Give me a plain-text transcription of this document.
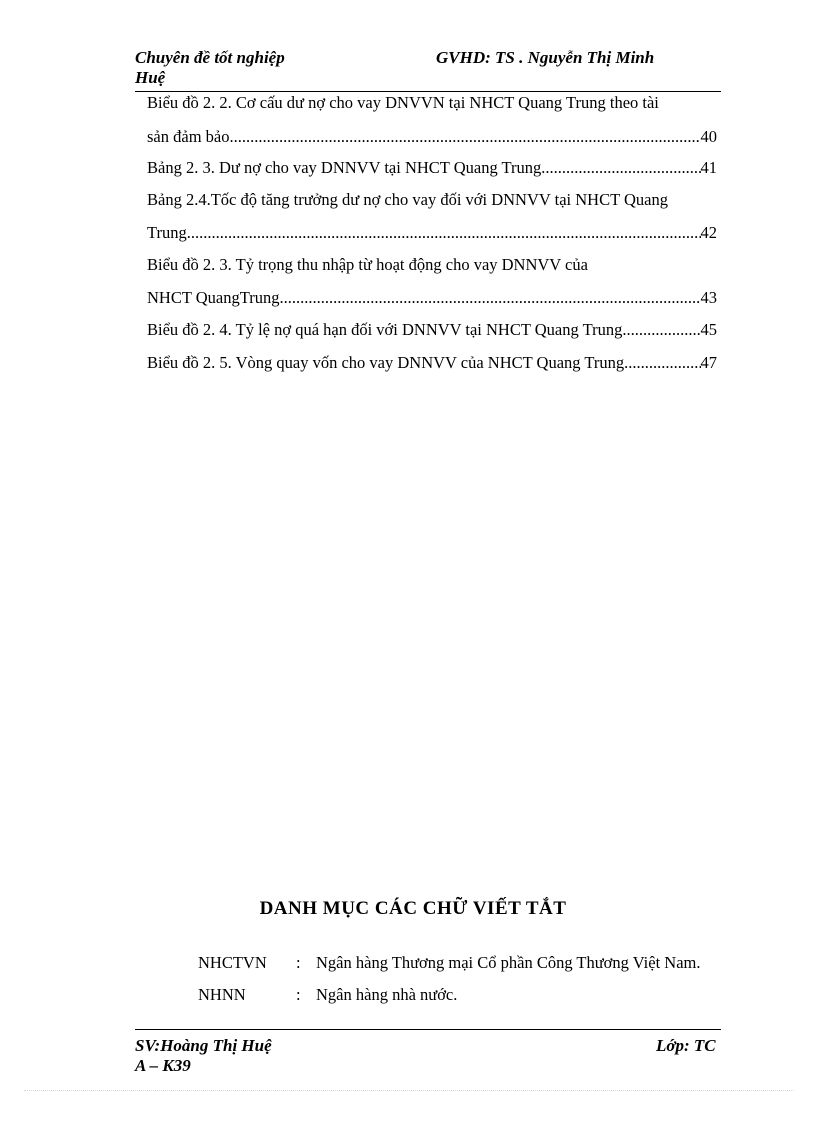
Chuyên đề tốt nghiệp
Huệ
GVHD: TS . Nguyễn Thị Minh
Biểu đồ 2. 2. Cơ cấu dư nợ cho vay DNVVN tại NHCT Quang Trung theo tài
sản đảm bảo .....	40
Bảng 2. 3. Dư nợ cho vay DNNVV tại NHCT Quang Trung .....	41
Bảng 2.4.Tốc độ tăng trưởng dư nợ cho vay đối với DNNVV tại NHCT Quang
Trung .....	42
Biểu đồ 2. 3. Tỷ trọng thu nhập từ hoạt động cho vay DNNVV của
NHCT QuangTrung .....	43
Biểu đồ 2. 4. Tỷ lệ nợ quá hạn đối với DNNVV tại NHCT Quang Trung .....	45
Biểu đồ 2. 5. Vòng quay vốn cho vay DNNVV của NHCT Quang Trung .....	47
DANH MỤC CÁC CHỮ VIẾT TẮT
NHCTVN	: Ngân hàng Thương mại Cổ phần Công Thương Việt Nam.
NHNN	: Ngân hàng nhà nước.
SV:Hoàng Thị Huệ
A – K39
Lớp: TC
